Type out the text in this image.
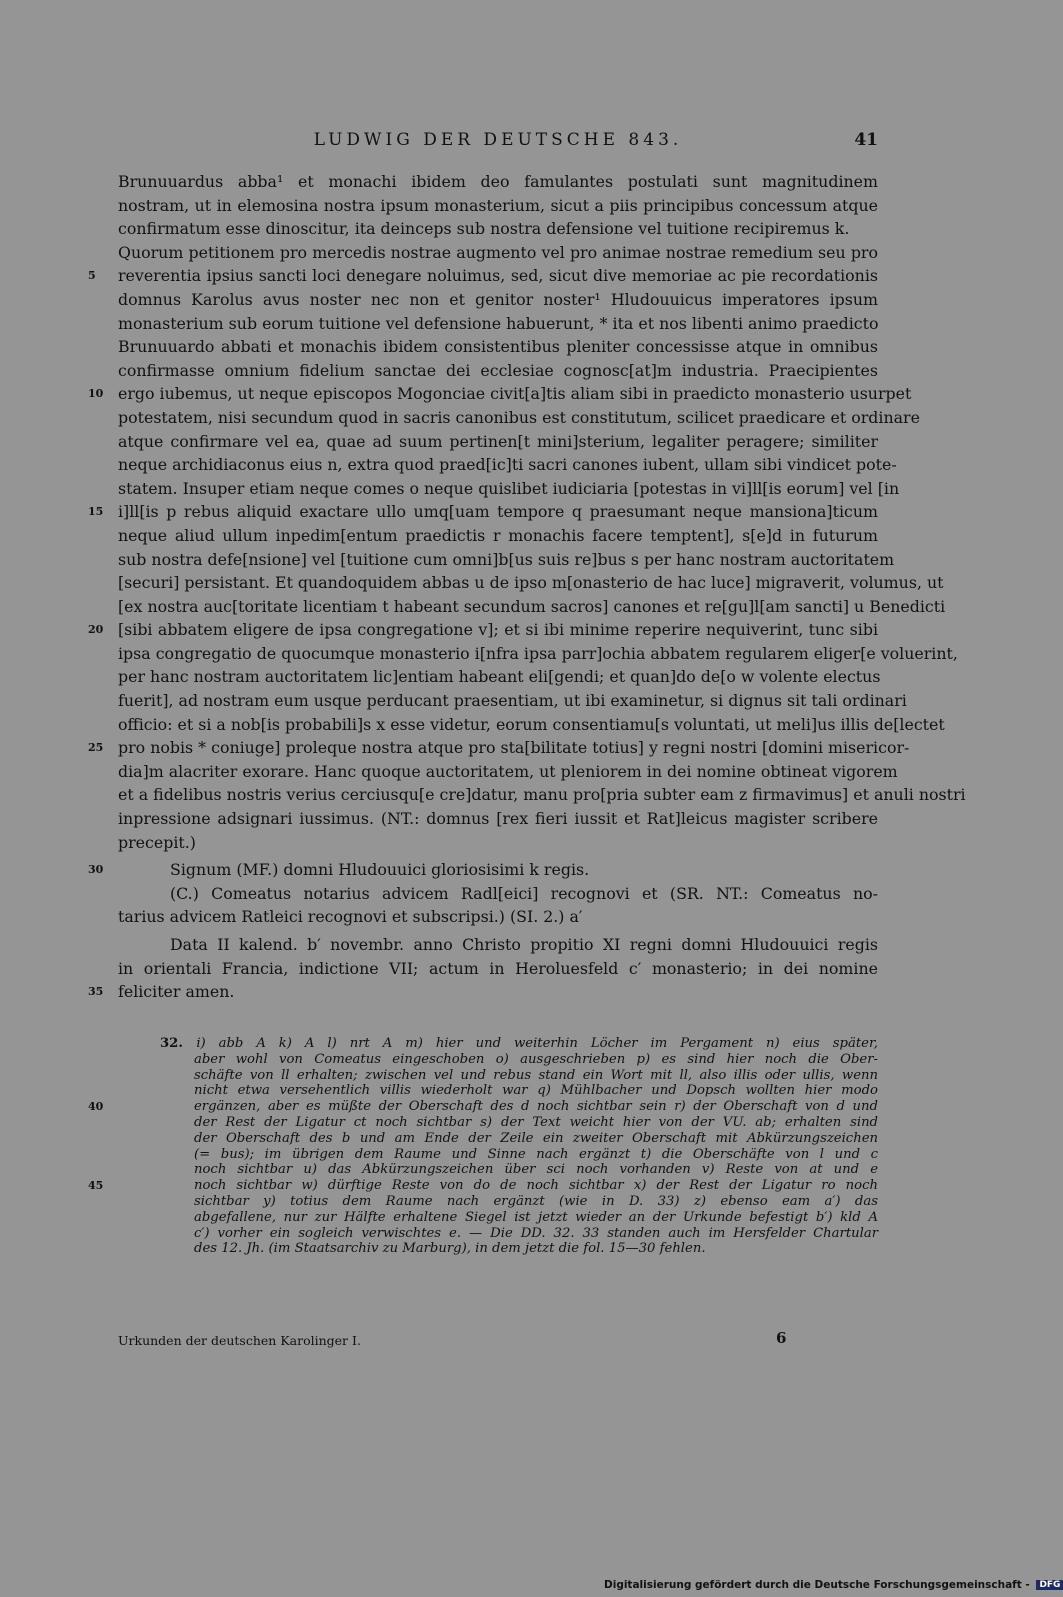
LUDWIG DER DEUTSCHE 843.	41
Brunuuardus abba¹ et monachi ibidem deo famulantes postulati sunt magnitudinem
nostram, ut in elemosina nostra ipsum monasterium, sicut a piis principibus concessum atque
confirmatum esse dinoscitur, ita deinceps sub nostra defensione vel tuitione recipiremus k.
Quorum petitionem pro mercedis nostrae augmento vel pro animae nostrae remedium seu pro
reverentia ipsius sancti loci denegare noluimus, sed, sicut dive memoriae ac pie recordationis
5
domnus Karolus avus noster nec non et genitor noster¹ Hludouuicus imperatores ipsum
monasterium sub eorum tuitione vel defensione habuerunt, * ita et nos libenti animo praedicto
Brunuuardo abbati et monachis ibidem consistentibus pleniter concessisse atque in omnibus
confirmasse omnium fidelium sanctae dei ecclesiae cognosc[at]m industria. Praecipientes
ergo iubemus, ut neque episcopos Mogonciae civit[a]tis aliam sibi in praedicto monasterio usurpet
10
potestatem, nisi secundum quod in sacris canonibus est constitutum, scilicet praedicare et ordinare
atque confirmare vel ea, quae ad suum pertinen[t mini]sterium, legaliter peragere; similiter
neque archidiaconus eius n, extra quod praed[ic]ti sacri canones iubent, ullam sibi vindicet pote-
statem. Insuper etiam neque comes o neque quislibet iudiciaria [potestas in vi]ll[is eorum] vel [in
i]ll[is p rebus aliquid exactare ullo umq[uam tempore q praesumant neque mansiona]ticum
15
neque aliud ullum inpedim[entum praedictis r monachis facere temptent], s[e]d in futurum
sub nostra defe[nsione] vel [tuitione cum omni]b[us suis re]bus s per hanc nostram auctoritatem
[securi] persistant. Et quandoquidem abbas u de ipso m[onasterio de hac luce] migraverit, volumus, ut
[ex nostra auc[toritate licentiam t habeant secundum sacros] canones et re[gu]l[am sancti] u Benedicti
[sibi abbatem eligere de ipsa congregatione v]; et si ibi minime reperire nequiverint, tunc sibi
20
ipsa congregatio de quocumque monasterio i[nfra ipsa parr]ochia abbatem regularem eliger[e voluerint,
per hanc nostram auctoritatem lic]entiam habeant eli[gendi; et quan]do de[o w volente electus
fuerit], ad nostram eum usque perducant praesentiam, ut ibi examinetur, si dignus sit tali ordinari
officio: et si a nob[is probabili]s x esse videtur, eorum consentiamu[s voluntati, ut meli]us illis de[lectet
pro nobis * coniuge] proleque nostra atque pro sta[bilitate totius] y regni nostri [domini misericor-
25
dia]m alacriter exorare. Hanc quoque auctoritatem, ut pleniorem in dei nomine obtineat vigorem
et a fidelibus nostris verius cerciusqu[e cre]datur, manu pro[pria subter eam z firmavimus] et anuli nostri
inpressione adsignari iussimus. (NT.: domnus [rex fieri iussit et Rat]leicus magister scribere
precepit.)
Signum (MF.) domni Hludouuici gloriosisimi k regis.
30
(C.) Comeatus notarius advicem Radl[eici] recognovi et (SR. NT.: Comeatus no-
tarius advicem Ratleici recognovi et subscripsi.) (SI. 2.) a′
Data II kalend. b′ novembr. anno Christo propitio XI regni domni Hludouuici regis
in orientali Francia, indictione VII; actum in Heroluesfeld c′ monasterio; in dei nomine
feliciter amen.
35
32. i) abb A k) A l) nrt A m) hier und weiterhin Löcher im Pergament n) eius später,
aber wohl von Comeatus eingeschoben o) ausgeschrieben p) es sind hier noch die Ober-
schäfte von ll erhalten; zwischen vel und rebus stand ein Wort mit ll, also illis oder ullis, wenn
nicht etwa versehentlich villis wiederholt war q) Mühlbacher und Dopsch wollten hier modo
ergänzen, aber es müßte der Oberschaft des d noch sichtbar sein r) der Oberschaft von d und
40
der Rest der Ligatur ct noch sichtbar s) der Text weicht hier von der VU. ab; erhalten sind
der Oberschaft des b und am Ende der Zeile ein zweiter Oberschaft mit Abkürzungszeichen
(= bus); im übrigen dem Raume und Sinne nach ergänzt t) die Oberschäfte von l und c
noch sichtbar u) das Abkürzungszeichen über sci noch vorhanden v) Reste von at und e
noch sichtbar w) dürftige Reste von do de noch sichtbar x) der Rest der Ligatur ro noch
45
sichtbar y) totius dem Raume nach ergänzt (wie in D. 33) z) ebenso eam a′) das
abgefallene, nur zur Hälfte erhaltene Siegel ist jetzt wieder an der Urkunde befestigt b′) kld A
c′) vorher ein sogleich verwischtes e. — Die DD. 32. 33 standen auch im Hersfelder Chartular
des 12. Jh. (im Staatsarchiv zu Marburg), in dem jetzt die fol. 15—30 fehlen.
Urkunden der deutschen Karolinger I.	6
Digitalisierung gefördert durch die Deutsche Forschungsgemeinschaft - DFG
